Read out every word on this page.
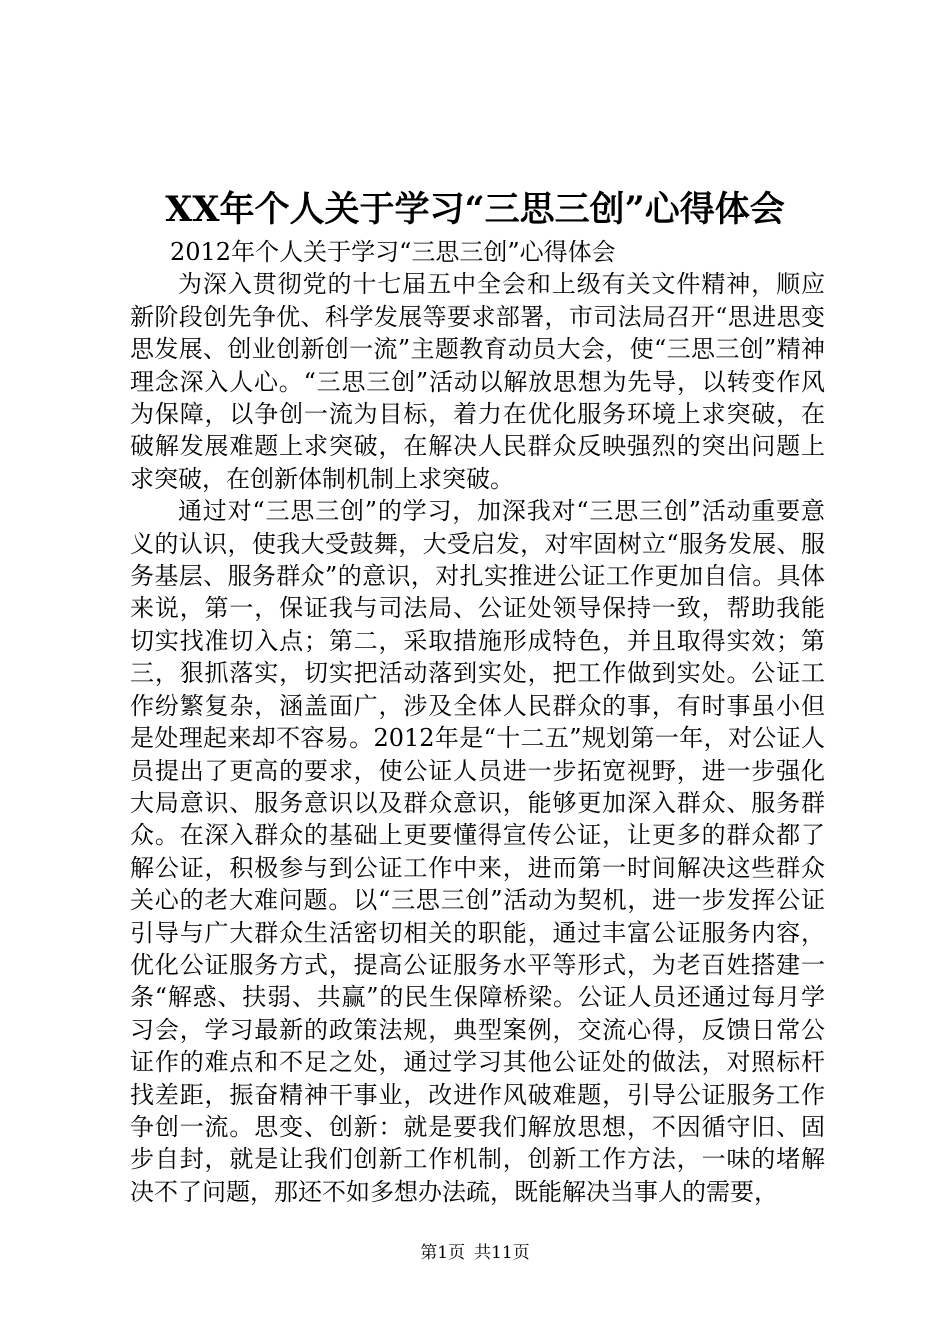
XX年个人关于学习“三思三创”心得体会

2012年个人关于学习“三思三创”心得体会

为深入贯彻党的十七届五中全会和上级有关文件精神，顺应新阶段创先争优、科学发展等要求部署，市司法局召开“思进思变思发展、创业创新创一流”主题教育动员大会，使“三思三创”精神理念深入人心。“三思三创”活动以解放思想为先导，以转变作风为保障，以争创一流为目标，着力在优化服务环境上求突破，在破解发展难题上求突破，在解决人民群众反映强烈的突出问题上求突破，在创新体制机制上求突破。

通过对“三思三创”的学习，加深我对“三思三创”活动重要意义的认识，使我大受鼓舞，大受启发，对牢固树立“服务发展、服务基层、服务群众”的意识，对扎实推进公证工作更加自信。具体来说，第一，保证我与司法局、公证处领导保持一致，帮助我能切实找准切入点；第二，采取措施形成特色，并且取得实效；第三，狠抓落实，切实把活动落到实处，把工作做到实处。公证工作纷繁复杂，涵盖面广，涉及全体人民群众的事，有时事虽小但是处理起来却不容易。2012年是“十二五”规划第一年，对公证人员提出了更高的要求，使公证人员进一步拓宽视野，进一步强化大局意识、服务意识以及群众意识，能够更加深入群众、服务群众。在深入群众的基础上更要懂得宣传公证，让更多的群众都了解公证，积极参与到公证工作中来，进而第一时间解决这些群众关心的老大难问题。以“三思三创”活动为契机，进一步发挥公证引导与广大群众生活密切相关的职能，通过丰富公证服务内容，优化公证服务方式，提高公证服务水平等形式，为老百姓搭建一条“解惑、扶弱、共赢”的民生保障桥梁。公证人员还通过每月学习会，学习最新的政策法规，典型案例，交流心得，反馈日常公证作的难点和不足之处，通过学习其他公证处的做法，对照标杆找差距，振奋精神干事业，改进作风破难题，引导公证服务工作争创一流。思变、创新：就是要我们解放思想，不因循守旧、固步自封，就是让我们创新工作机制，创新工作方法，一味的堵解决不了问题，那还不如多想办法疏，既能解决当事人的需要，

第1页 共11页
